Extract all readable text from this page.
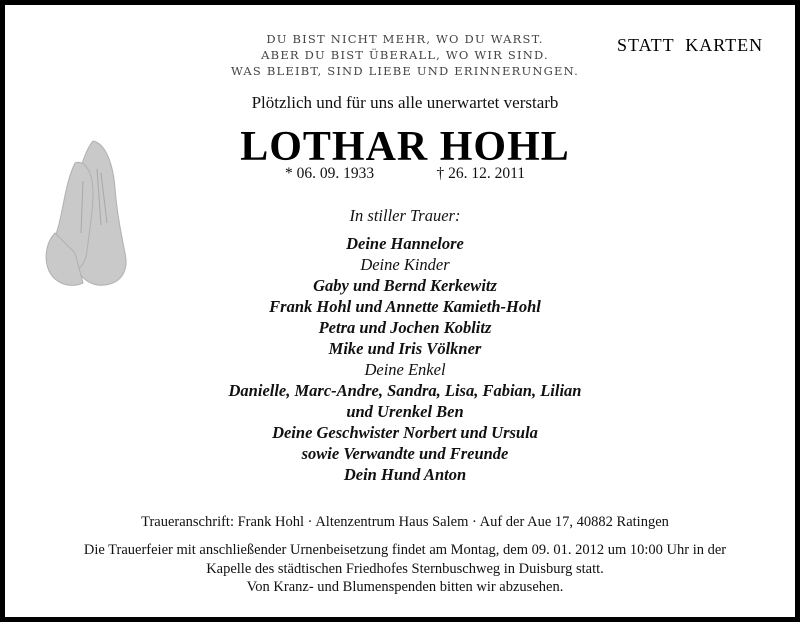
DU BIST NICHT MEHR, WO DU WARST.
ABER DU BIST ÜBERALL, WO WIR SIND.
WAS BLEIBT, SIND LIEBE UND ERINNERUNGEN.
STATT  KARTEN
Plötzlich und für uns alle unerwartet verstarb
LOTHAR HOHL
* 06. 09. 1933	† 26. 12. 2011
In stiller Trauer:
Deine Hannelore
Deine Kinder
Gaby und Bernd Kerkewitz
Frank Hohl und Annette Kamieth-Hohl
Petra und Jochen Koblitz
Mike und Iris Völkner
Deine Enkel
Danielle, Marc-Andre, Sandra, Lisa, Fabian, Lilian
und Urenkel Ben
Deine Geschwister Norbert und Ursula
sowie Verwandte und Freunde
Dein Hund Anton
Traueranschrift: Frank Hohl · Altenzentrum Haus Salem · Auf der Aue 17, 40882 Ratingen
Die Trauerfeier mit anschließender Urnenbeisetzung findet am Montag, dem 09. 01. 2012 um 10:00 Uhr in der
Kapelle des städtischen Friedhofes Sternbuschweg in Duisburg statt.
Von Kranz- und Blumenspenden bitten wir abzusehen.
